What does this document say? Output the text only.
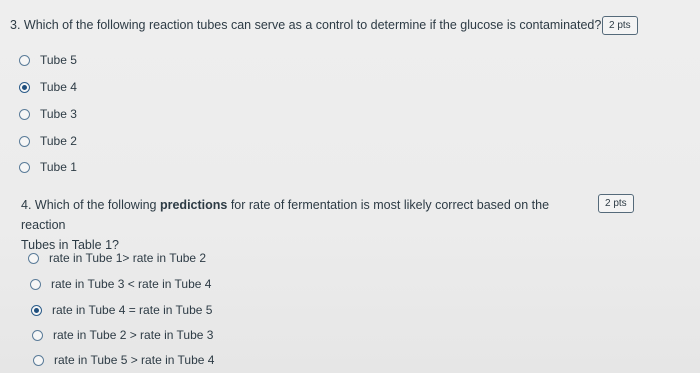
3. Which of the following reaction tubes can serve as a control to determine if the glucose is contaminated? 2 pts
Tube 5
Tube 4
Tube 3
Tube 2
Tube 1
4. Which of the following predictions for rate of fermentation is most likely correct based on the reaction
Tubes in Table 1?
2 pts
rate in Tube 1> rate in Tube 2
rate in Tube 3 < rate in Tube 4
rate in Tube 4 = rate in Tube 5
rate in Tube 2 > rate in Tube 3
rate in Tube 5 > rate in Tube 4
